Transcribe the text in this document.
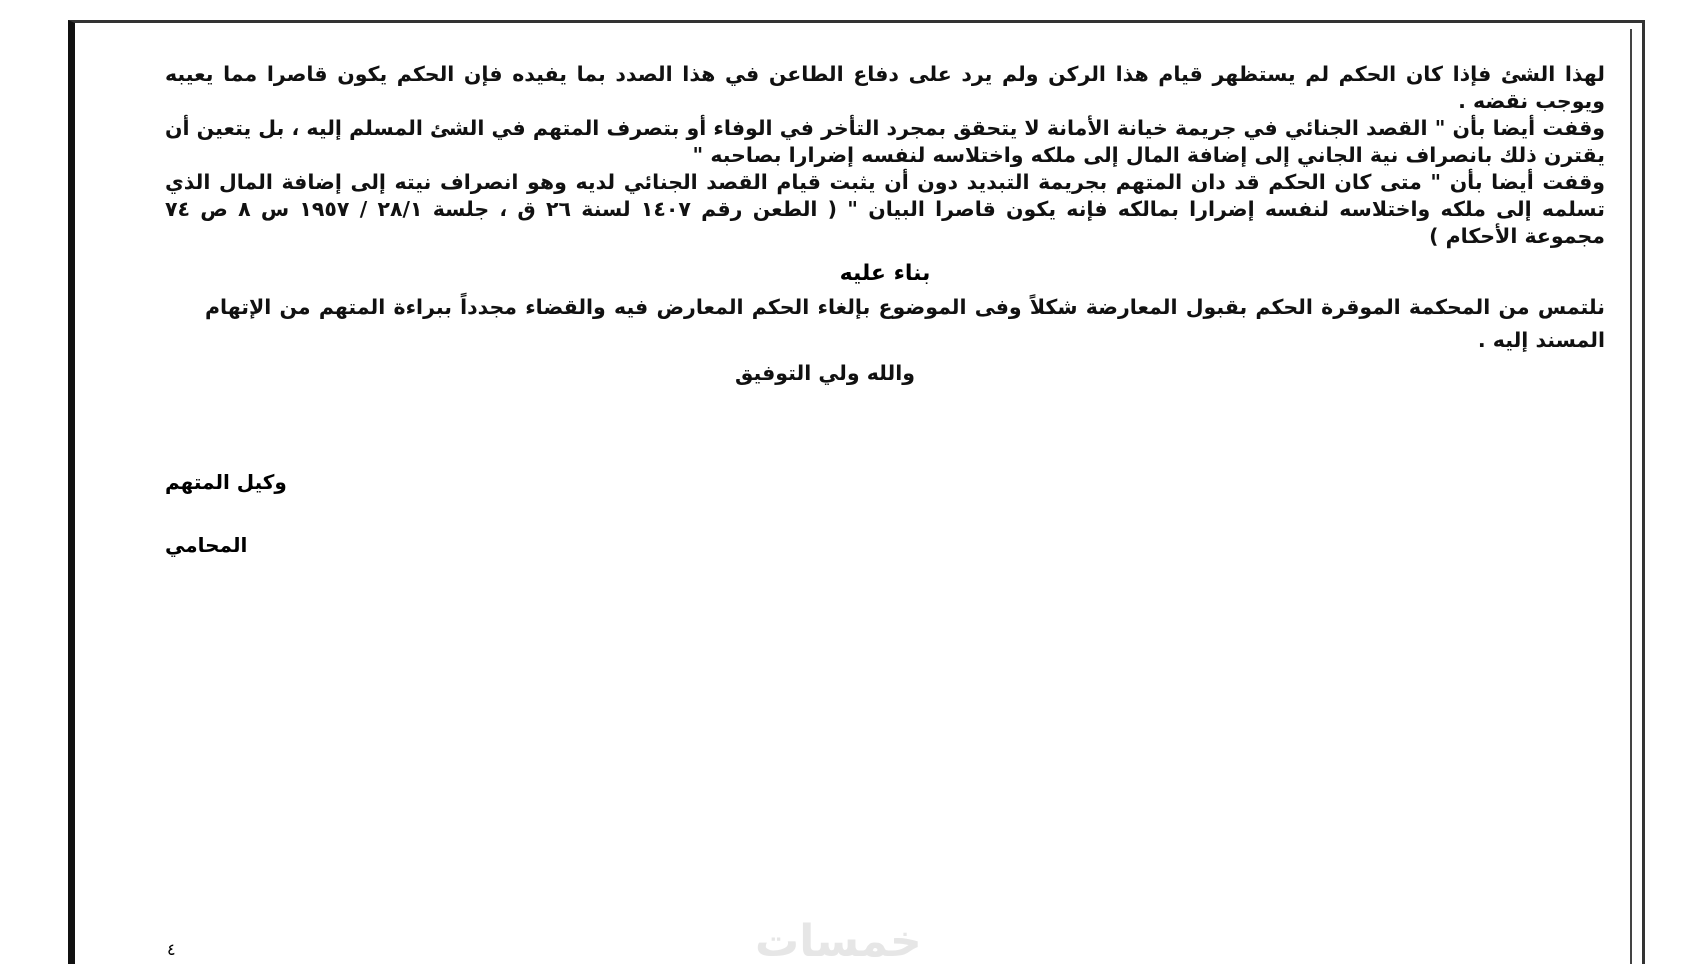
لهذا الشئ فإذا كان الحكم لم يستظهر قيام هذا الركن ولم يرد على دفاع الطاعن في هذا الصدد بما يفيده فإن الحكم يكون قاصرا مما يعيبه ويوجب نقضه .

وقفت أيضا بأن " القصد الجنائي في جريمة خيانة الأمانة لا يتحقق بمجرد التأخر في الوفاء أو بتصرف المتهم في الشئ المسلم إليه ، بل يتعين أن يقترن ذلك بانصراف نية الجاني إلى إضافة المال إلى ملكه واختلاسه لنفسه إضرارا بصاحبه "

وقفت أيضا بأن " متى كان الحكم قد دان المتهم بجريمة التبديد دون أن يثبت قيام القصد الجنائي لديه وهو انصراف نيته إلى إضافة المال الذي تسلمه إلى ملكه واختلاسه لنفسه إضرارا بمالكه فإنه يكون قاصرا البيان " ( الطعن رقم ١٤٠٧ لسنة ٢٦ ق ، جلسة ٢٨/١ / ١٩٥٧ س ٨ ص ٧٤ مجموعة الأحكام )

بناء عليه

نلتمس من المحكمة الموقرة الحكم بقبول المعارضة شكلاً وفى الموضوع بإلغاء الحكم المعارض فيه والقضاء مجدداً ببراءة المتهم من الإتهام المسند إليه .

والله ولي التوفيق

وكيل المتهم
المحامي
٤	خمسات
